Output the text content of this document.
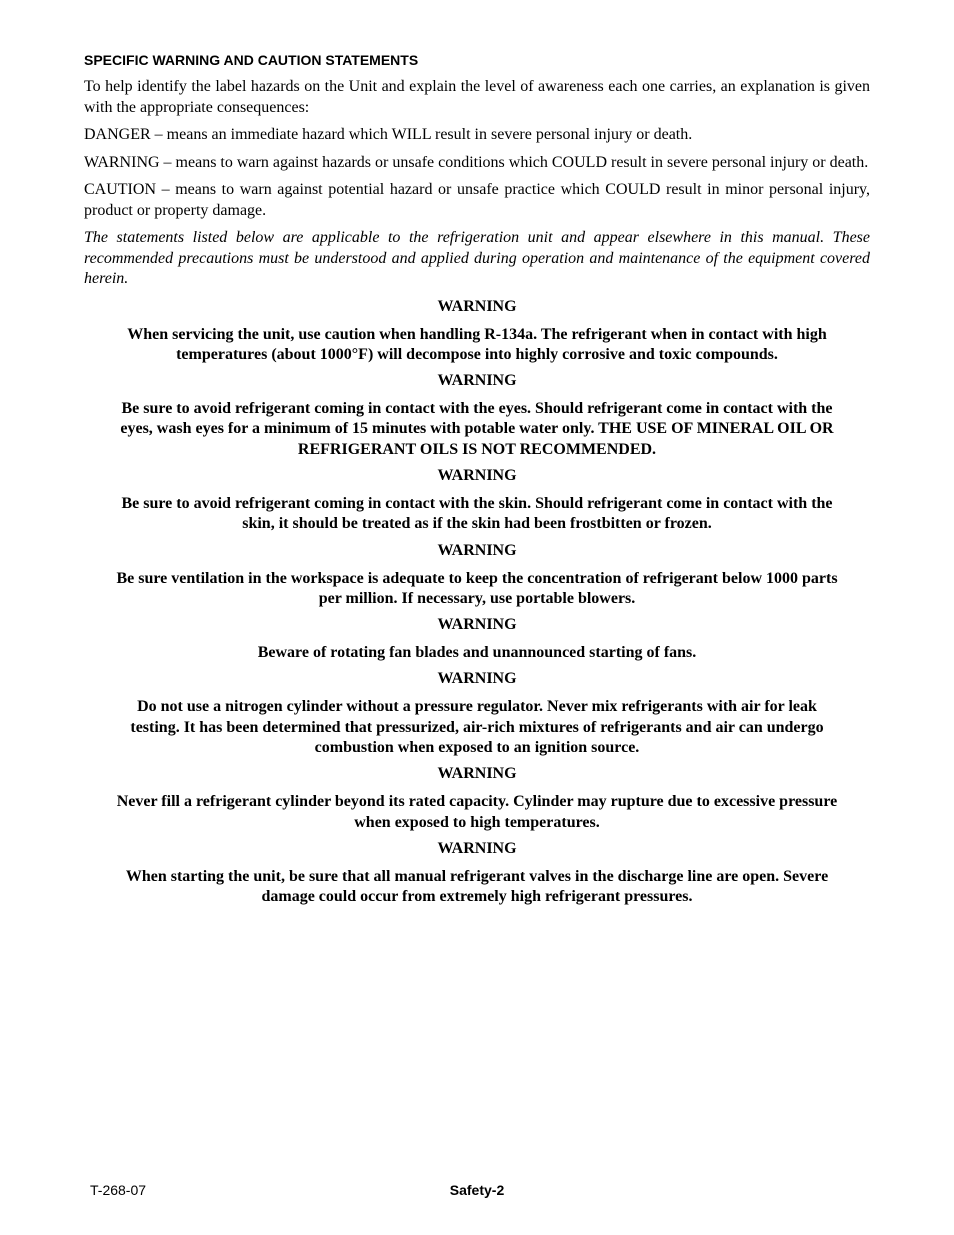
SPECIFIC WARNING AND CAUTION STATEMENTS

To help identify the label hazards on the Unit and explain the level of awareness each one carries, an explanation is given with the appropriate consequences:

DANGER – means an immediate hazard which WILL result in severe personal injury or death.

WARNING – means to warn against hazards or unsafe conditions which COULD result in severe personal injury or death.

CAUTION – means to warn against potential hazard or unsafe practice which COULD result in minor personal injury, product or property damage.

The statements listed below are applicable to the refrigeration unit and appear elsewhere in this manual. These recommended precautions must be understood and applied during operation and maintenance of the equipment covered herein.

WARNING
When servicing the unit, use caution when handling R-134a. The refrigerant when in contact with high temperatures (about 1000°F) will decompose into highly corrosive and toxic compounds.
WARNING
Be sure to avoid refrigerant coming in contact with the eyes. Should refrigerant come in contact with the eyes, wash eyes for a minimum of 15 minutes with potable water only. THE USE OF MINERAL OIL OR REFRIGERANT OILS IS NOT RECOMMENDED.
WARNING
Be sure to avoid refrigerant coming in contact with the skin. Should refrigerant come in contact with the skin, it should be treated as if the skin had been frostbitten or frozen.
WARNING
Be sure ventilation in the workspace is adequate to keep the concentration of refrigerant below 1000 parts per million. If necessary, use portable blowers.
WARNING
Beware of rotating fan blades and unannounced starting of fans.
WARNING
Do not use a nitrogen cylinder without a pressure regulator. Never mix refrigerants with air for leak testing. It has been determined that pressurized, air-rich mixtures of refrigerants and air can undergo combustion when exposed to an ignition source.
WARNING
Never fill a refrigerant cylinder beyond its rated capacity. Cylinder may rupture due to excessive pressure when exposed to high temperatures.
WARNING
When starting the unit, be sure that all manual refrigerant valves in the discharge line are open. Severe damage could occur from extremely high refrigerant pressures.
T-268-07	Safety-2
